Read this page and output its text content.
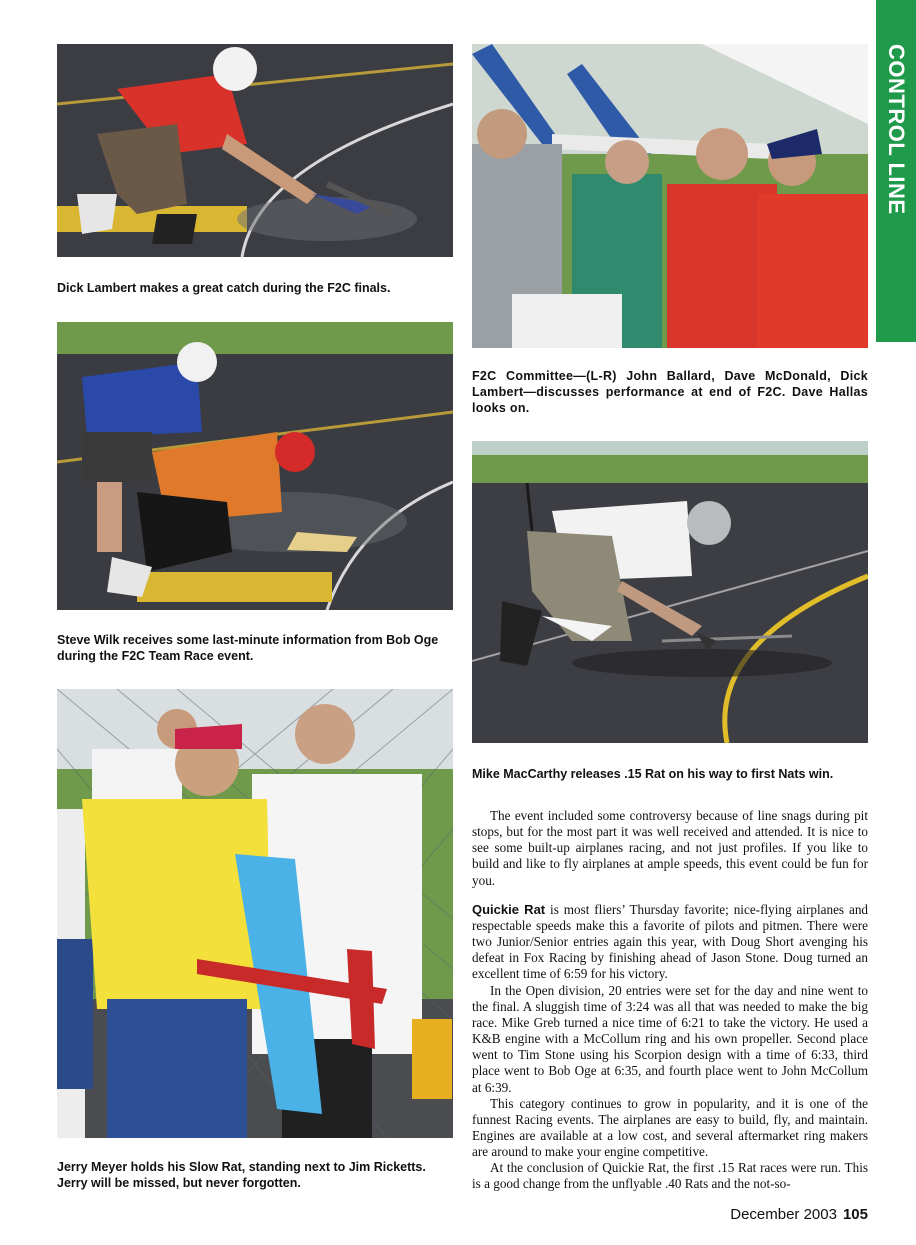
CONTROL LINE

Dick Lambert makes a great catch during the F2C finals.

F2C Committee—(L-R) John Ballard, Dave McDonald, Dick Lambert—discusses performance at end of F2C. Dave Hallas looks on.

Steve Wilk receives some last-minute information from Bob Oge during the F2C Team Race event.

Mike MacCarthy releases .15 Rat on his way to first Nats win.

Jerry Meyer holds his Slow Rat, standing next to Jim Ricketts. Jerry will be missed, but never forgotten.

The event included some controversy because of line snags during pit stops, but for the most part it was well received and attended. It is nice to see some built-up airplanes racing, and not just profiles. If you like to build and like to fly airplanes at ample speeds, this event could be fun for you.

Quickie Rat is most fliers’ Thursday favorite; nice-flying airplanes and respectable speeds make this a favorite of pilots and pitmen. There were two Junior/Senior entries again this year, with Doug Short avenging his defeat in Fox Racing by finishing ahead of Jason Stone. Doug turned an excellent time of 6:59 for his victory.

In the Open division, 20 entries were set for the day and nine went to the final. A sluggish time of 3:24 was all that was needed to make the big race. Mike Greb turned a nice time of 6:21 to take the victory. He used a K&B engine with a McCollum ring and his own propeller. Second place went to Tim Stone using his Scorpion design with a time of 6:33, third place went to Bob Oge at 6:35, and fourth place went to John McCollum at 6:39.

This category continues to grow in popularity, and it is one of the funnest Racing events. The airplanes are easy to build, fly, and maintain. Engines are available at a low cost, and several aftermarket ring makers are around to make your engine competitive.

At the conclusion of Quickie Rat, the first .15 Rat races were run. This is a good change from the unflyable .40 Rats and the not-so-

December 2003 105
